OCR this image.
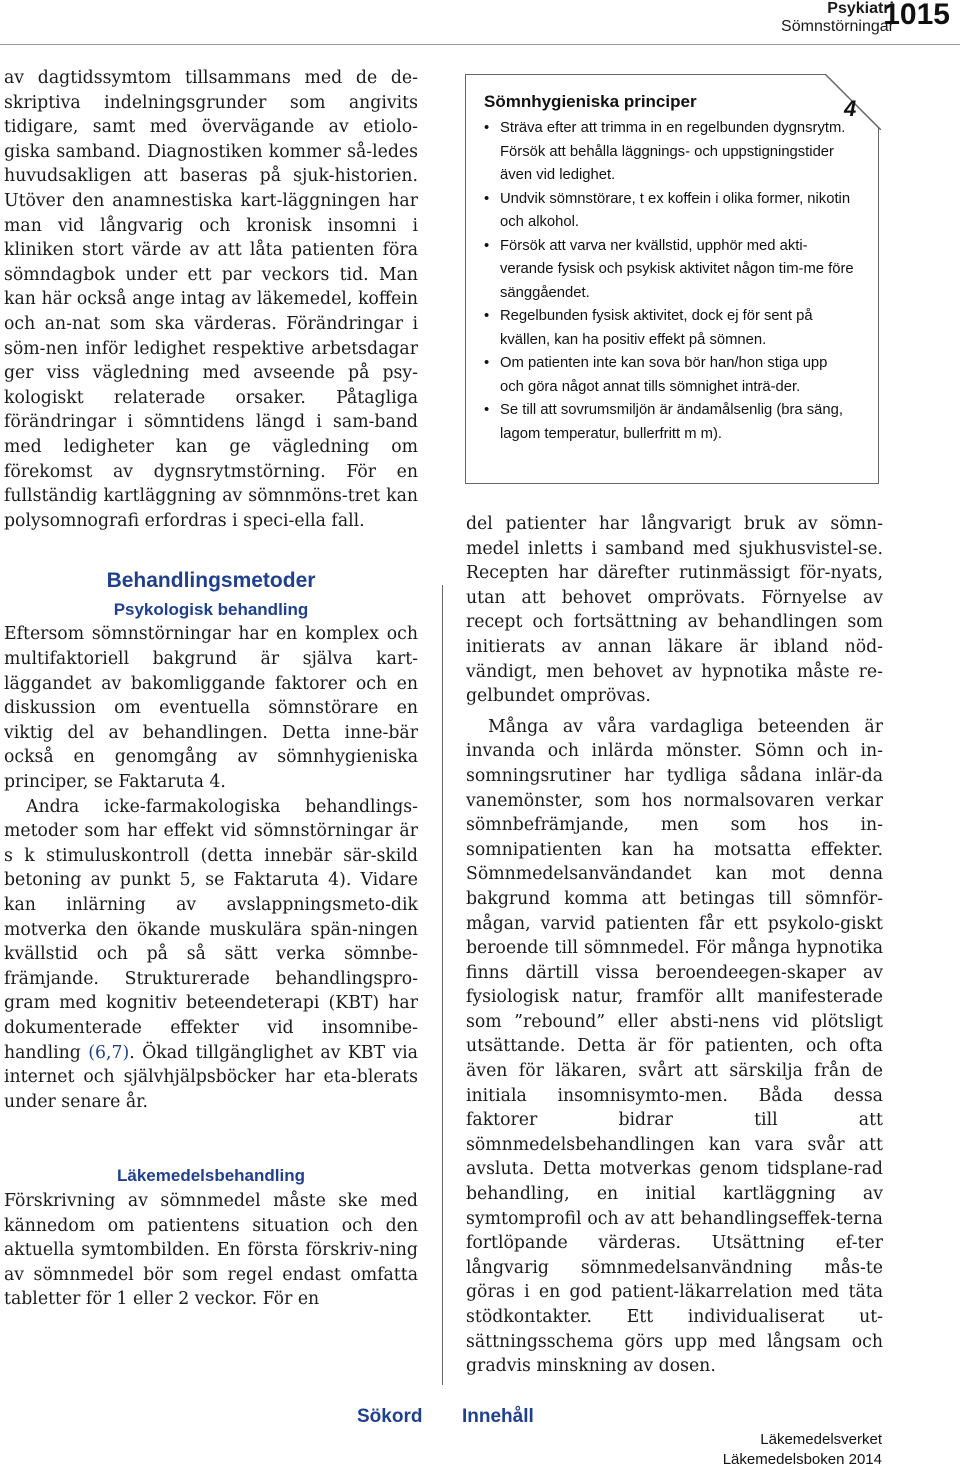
Psykiatri
Sömnstörningar
1015

av dagtidssymtom tillsammans med de de-skriptiva indelningsgrunder som angivits tidigare, samt med övervägande av etiolo-giska samband. Diagnostiken kommer så-ledes huvudsakligen att baseras på sjuk-historien. Utöver den anamnestiska kart-läggningen har man vid långvarig och kronisk insomni i kliniken stort värde av att låta patienten föra sömndagbok under ett par veckors tid. Man kan här också ange intag av läkemedel, koffein och an-nat som ska värderas. Förändringar i söm-nen inför ledighet respektive arbetsdagar ger viss vägledning med avseende på psy-kologiskt relaterade orsaker. Påtagliga förändringar i sömntidens längd i sam-band med ledigheter kan ge vägledning om förekomst av dygnsrytmstörning. För en fullständig kartläggning av sömnmöns-tret kan polysomnografi erfordras i speci-ella fall.

Behandlingsmetoder

Psykologisk behandling

Eftersom sömnstörningar har en komplex och multifaktoriell bakgrund är själva kart-läggandet av bakomliggande faktorer och en diskussion om eventuella sömnstörare en viktig del av behandlingen. Detta inne-bär också en genomgång av sömnhygieniska principer, se Faktaruta 4.

Andra icke-farmakologiska behandlings-metoder som har effekt vid sömnstörningar är s k stimuluskontroll (detta innebär sär-skild betoning av punkt 5, se Faktaruta 4). Vidare kan inlärning av avslappningsmeto-dik motverka den ökande muskulära spän-ningen kvällstid och på så sätt verka sömnbe-främjande. Strukturerade behandlingspro-gram med kognitiv beteendeterapi (KBT) har dokumenterade effekter vid insomnibe-handling (6,7). Ökad tillgänglighet av KBT via internet och självhjälpsböcker har eta-blerats under senare år.

Läkemedelsbehandling

Förskrivning av sömnmedel måste ske med kännedom om patientens situation och den aktuella symtombilden. En första förskriv-ning av sömnmedel bör som regel endast omfatta tabletter för 1 eller 2 veckor. För en

4
Sömnhygieniska principer
• Sträva efter att trimma in en regelbunden dygnsrytm. Försök att behålla läggnings- och uppstigningstider även vid ledighet.
• Undvik sömnstörare, t ex koffein i olika former, nikotin och alkohol.
• Försök att varva ner kvällstid, upphör med akti-verande fysisk och psykisk aktivitet någon tim-me före sänggåendet.
• Regelbunden fysisk aktivitet, dock ej för sent på kvällen, kan ha positiv effekt på sömnen.
• Om patienten inte kan sova bör han/hon stiga upp och göra något annat tills sömnighet inträ-der.
• Se till att sovrumsmiljön är ändamålsenlig (bra säng, lagom temperatur, bullerfritt m m).

del patienter har långvarigt bruk av sömn-medel inletts i samband med sjukhusvistel-se. Recepten har därefter rutinmässigt för-nyats, utan att behovet omprövats. Förnyelse av recept och fortsättning av behandlingen som initierats av annan läkare är ibland nöd-vändigt, men behovet av hypnotika måste re-gelbundet omprövas.

Många av våra vardagliga beteenden är invanda och inlärda mönster. Sömn och in-somningsrutiner har tydliga sådana inlär-da vanemönster, som hos normalsovaren verkar sömnbefrämjande, men som hos in-somnipatienten kan ha motsatta effekter. Sömnmedelsanvändandet kan mot denna bakgrund komma att betingas till sömnför-mågan, varvid patienten får ett psykolo-giskt beroende till sömnmedel. För många hypnotika finns därtill vissa beroendeegen-skaper av fysiologisk natur, framför allt manifesterade som ”rebound” eller absti-nens vid plötsligt utsättande. Detta är för patienten, och ofta även för läkaren, svårt att särskilja från de initiala insomnisymto-men. Båda dessa faktorer bidrar till att sömnmedelsbehandlingen kan vara svår att avsluta. Detta motverkas genom tidsplane-rad behandling, en initial kartläggning av symtomprofil och av att behandlingseffek-terna fortlöpande värderas. Utsättning ef-ter långvarig sömnmedelsanvändning mås-te göras i en god patient-läkarrelation med täta stödkontakter. Ett individualiserat ut-sättningsschema görs upp med långsam och gradvis minskning av dosen.

Sökord Innehåll
Läkemedelsverket
Läkemedelsboken 2014
